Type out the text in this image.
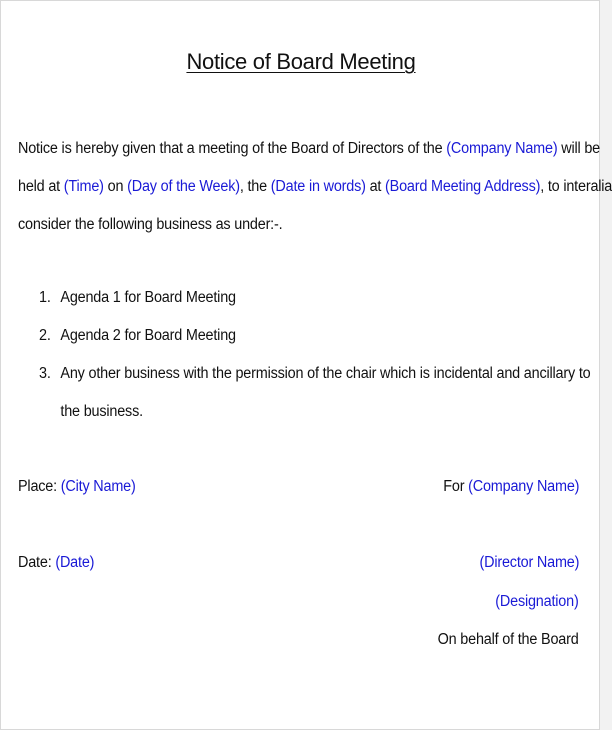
Notice of Board Meeting
Notice is hereby given that a meeting of the Board of Directors of the (Company Name) will be
held at (Time) on (Day of the Week), the (Date in words) at (Board Meeting Address), to interalia
consider the following business as under:-.
1. Agenda 1 for Board Meeting
2. Agenda 2 for Board Meeting
3. Any other business with the permission of the chair which is incidental and ancillary to
the business.
Place: (City Name)	For (Company Name)
Date: (Date)	(Director Name)
(Designation)
On behalf of the Board
